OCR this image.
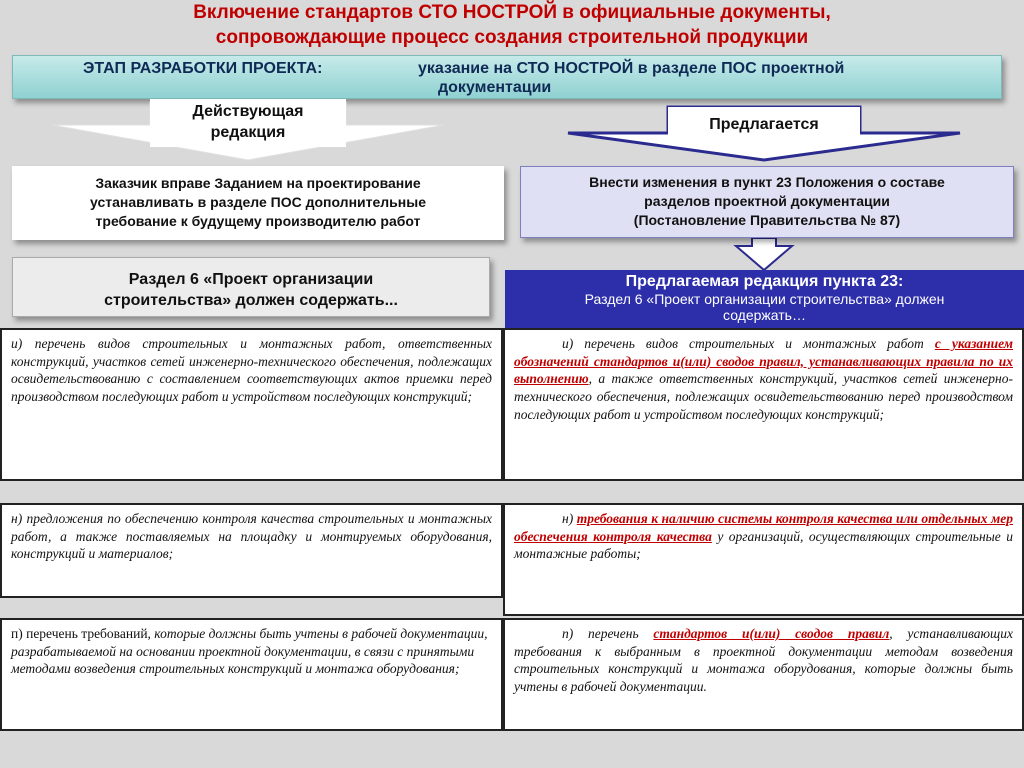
Включение стандартов СТО НОСТРОЙ в официальные документы,
сопровождающие процесс создания строительной продукции
ЭТАП РАЗРАБОТКИ ПРОЕКТА:	указание на СТО НОСТРОЙ в разделе ПОС проектной
документации
Действующая
редакция	Предлагается
Заказчик вправе Заданием на проектирование
устанавливать в разделе ПОС дополнительные
требование к будущему производителю работ
Внести изменения в пункт 23 Положения о составе
разделов проектной документации
(Постановление Правительства № 87)
Раздел 6 «Проект организации
строительства» должен содержать...
Предлагаемая редакция пункта 23:
Раздел 6 «Проект организации строительства» должен
содержать…
и) перечень видов строительных и монтажных работ, ответственных конструкций, участков сетей инженерно-технического обеспечения, подлежащих освидетельствованию с составлением соответствующих актов приемки перед производством последующих работ и устройством последующих конструкций;
и) перечень видов строительных и монтажных работ с указанием обозначений стандартов и(или) сводов правил, устанавливающих правила по их выполнению, а также ответственных конструкций, участков сетей инженерно-технического обеспечения, подлежащих освидетельствованию перед производством последующих работ и устройством последующих конструкций;
н) предложения по обеспечению контроля качества строительных и монтажных работ, а также поставляемых на площадку и монтируемых оборудования, конструкций и материалов;
н) требования к наличию системы контроля качества или отдельных мер обеспечения контроля качества у организаций, осуществляющих строительные и монтажные работы;
п) перечень требований, которые должны быть учтены в рабочей документации, разрабатываемой на основании проектной документации, в связи с принятыми методами возведения строительных конструкций и монтажа оборудования;
п) перечень стандартов и(или) сводов правил, устанавливающих требования к выбранным в проектной документации методам возведения строительных конструкций и монтажа оборудования, которые должны быть учтены в рабочей документации.
